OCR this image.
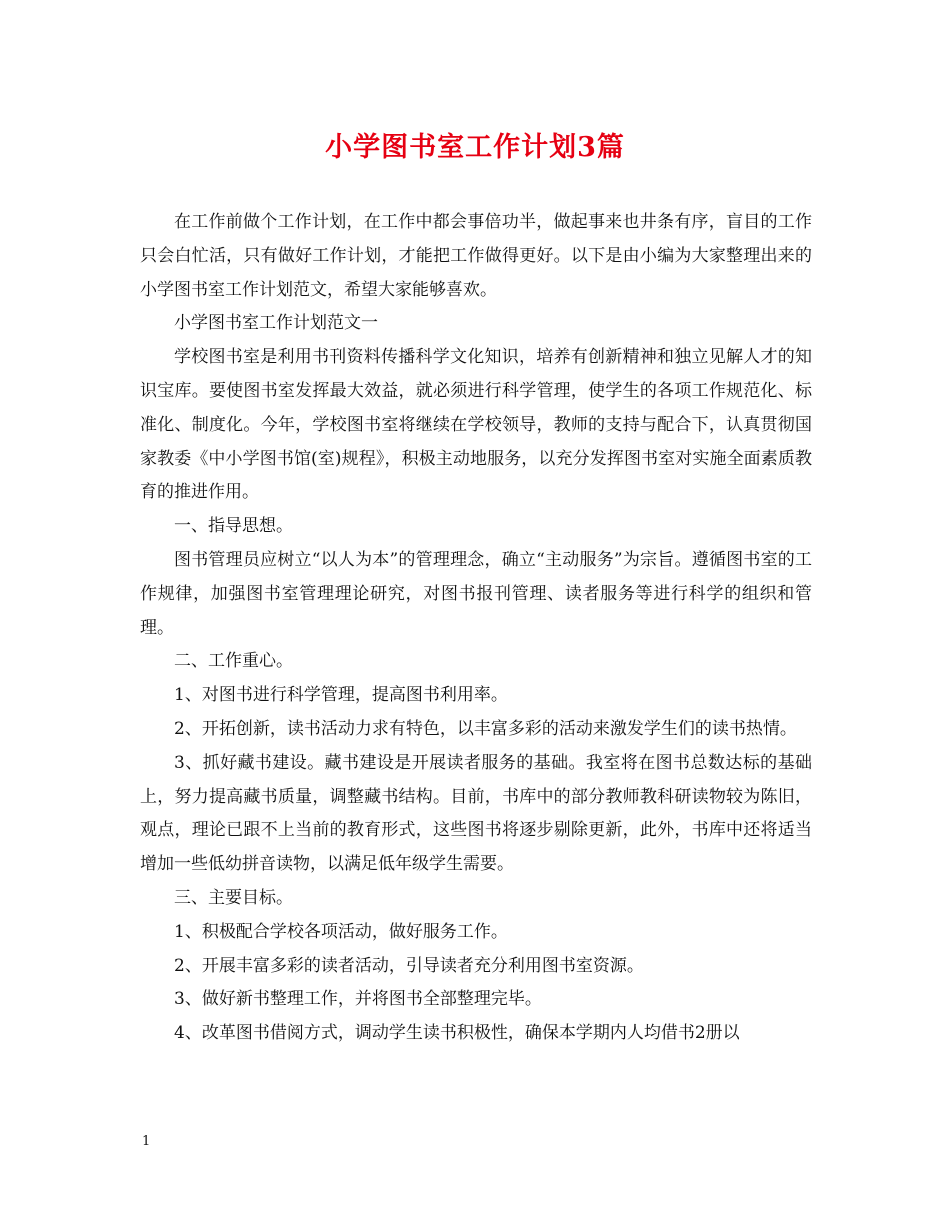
小学图书室工作计划3篇

在工作前做个工作计划，在工作中都会事倍功半，做起事来也井条有序，盲目的工作只会白忙活，只有做好工作计划，才能把工作做得更好。以下是由小编为大家整理出来的小学图书室工作计划范文，希望大家能够喜欢。

小学图书室工作计划范文一

学校图书室是利用书刊资料传播科学文化知识，培养有创新精神和独立见解人才的知识宝库。要使图书室发挥最大效益，就必须进行科学管理，使学生的各项工作规范化、标准化、制度化。今年，学校图书室将继续在学校领导，教师的支持与配合下，认真贯彻国家教委《中小学图书馆(室)规程》，积极主动地服务，以充分发挥图书室对实施全面素质教育的推进作用。

一、指导思想。

图书管理员应树立“以人为本”的管理理念，确立“主动服务”为宗旨。遵循图书室的工作规律，加强图书室管理理论研究，对图书报刊管理、读者服务等进行科学的组织和管理。

二、工作重心。

1、对图书进行科学管理，提高图书利用率。

2、开拓创新，读书活动力求有特色，以丰富多彩的活动来激发学生们的读书热情。

3、抓好藏书建设。藏书建设是开展读者服务的基础。我室将在图书总数达标的基础上，努力提高藏书质量，调整藏书结构。目前，书库中的部分教师教科研读物较为陈旧，观点，理论已跟不上当前的教育形式，这些图书将逐步剔除更新，此外，书库中还将适当增加一些低幼拼音读物，以满足低年级学生需要。

三、主要目标。

1、积极配合学校各项活动，做好服务工作。

2、开展丰富多彩的读者活动，引导读者充分利用图书室资源。

3、做好新书整理工作，并将图书全部整理完毕。

4、改革图书借阅方式，调动学生读书积极性，确保本学期内人均借书2册以

1
